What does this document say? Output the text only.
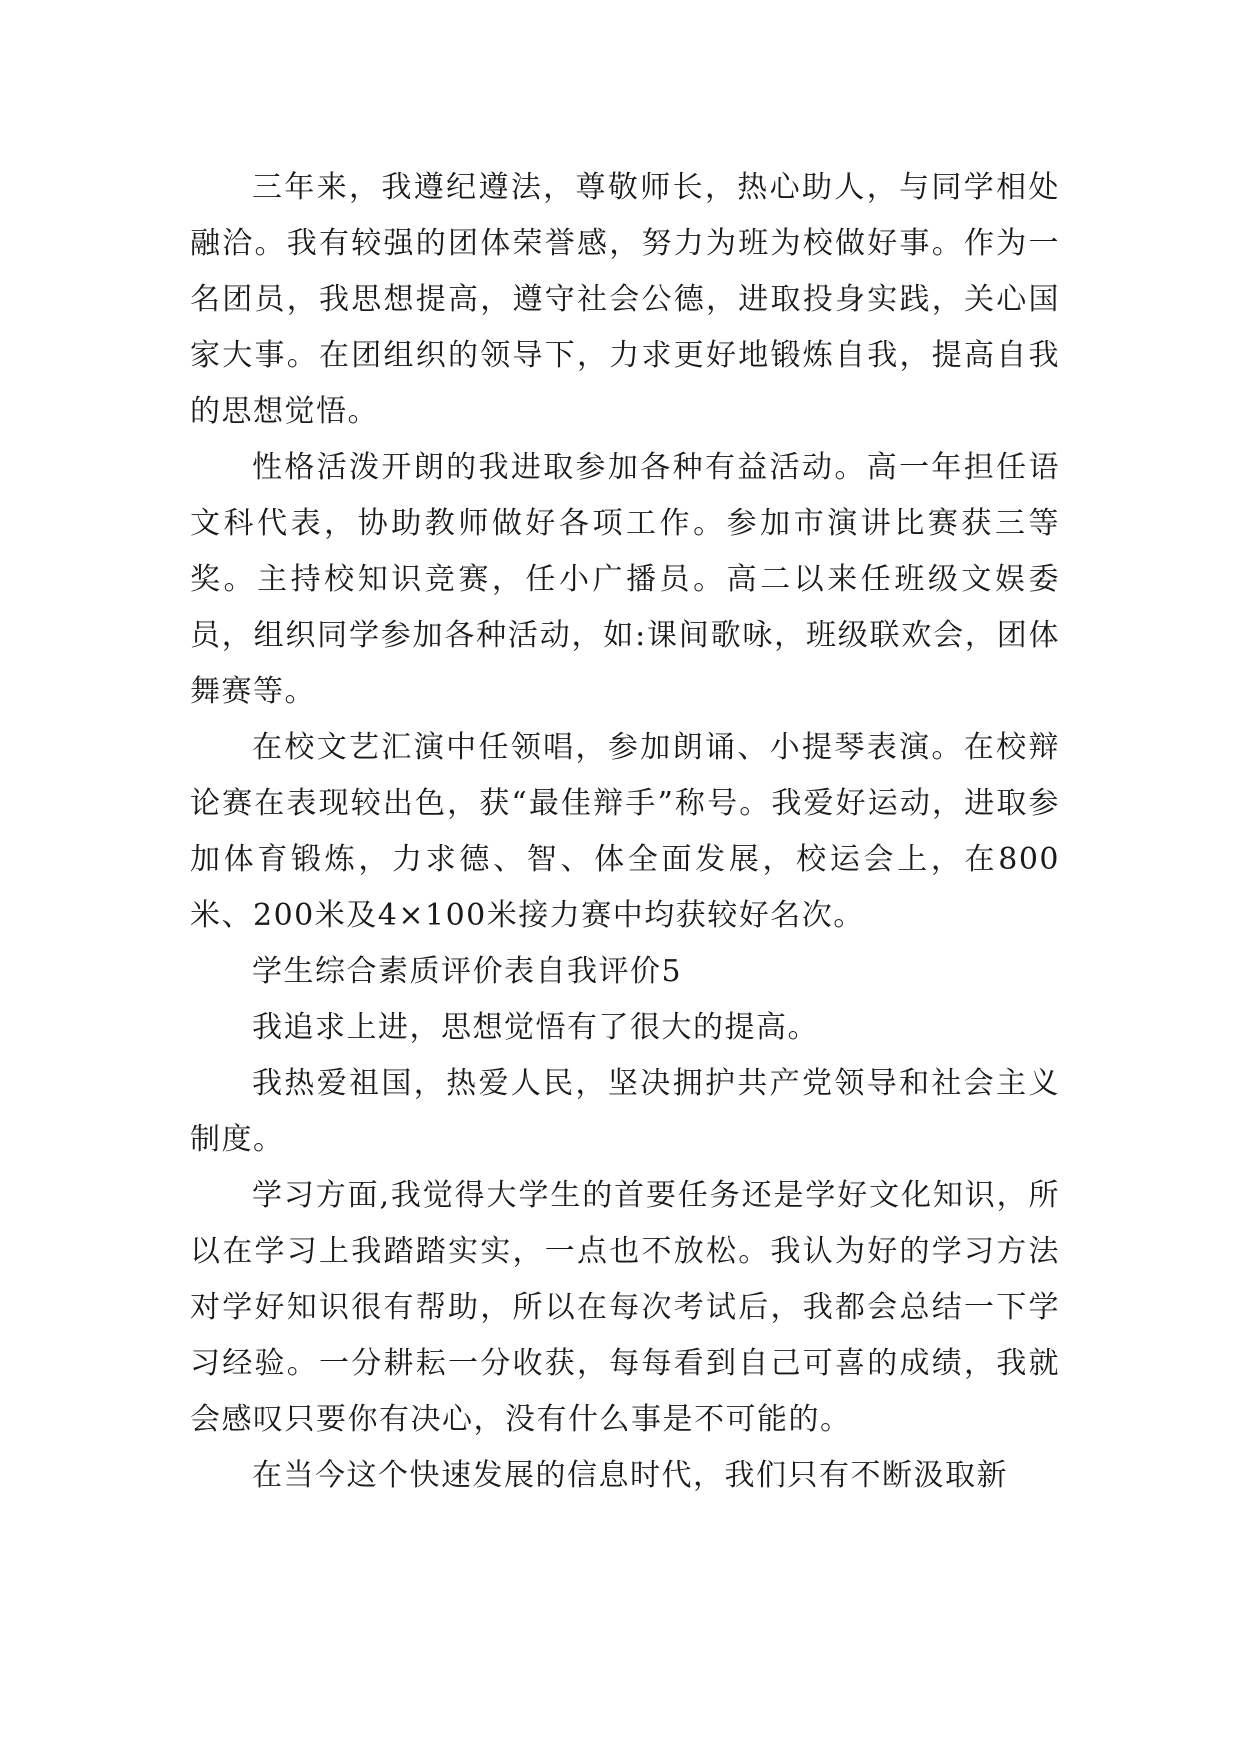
三年来，我遵纪遵法，尊敬师长，热心助人，与同学相处融洽。我有较强的团体荣誉感，努力为班为校做好事。作为一名团员，我思想提高，遵守社会公德，进取投身实践，关心国家大事。在团组织的领导下，力求更好地锻炼自我，提高自我的思想觉悟。

性格活泼开朗的我进取参加各种有益活动。高一年担任语文科代表，协助教师做好各项工作。参加市演讲比赛获三等奖。主持校知识竞赛，任小广播员。高二以来任班级文娱委员，组织同学参加各种活动，如:课间歌咏，班级联欢会，团体舞赛等。

在校文艺汇演中任领唱，参加朗诵、小提琴表演。在校辩论赛在表现较出色，获“最佳辩手”称号。我爱好运动，进取参加体育锻炼，力求德、智、体全面发展，校运会上，在800米、200米及4×100米接力赛中均获较好名次。

学生综合素质评价表自我评价5

我追求上进，思想觉悟有了很大的提高。

我热爱祖国，热爱人民，坚决拥护共产党领导和社会主义制度。

学习方面,我觉得大学生的首要任务还是学好文化知识，所以在学习上我踏踏实实，一点也不放松。我认为好的学习方法对学好知识很有帮助，所以在每次考试后，我都会总结一下学习经验。一分耕耘一分收获，每每看到自己可喜的成绩，我就会感叹只要你有决心，没有什么事是不可能的。

在当今这个快速发展的信息时代，我们只有不断汲取新
